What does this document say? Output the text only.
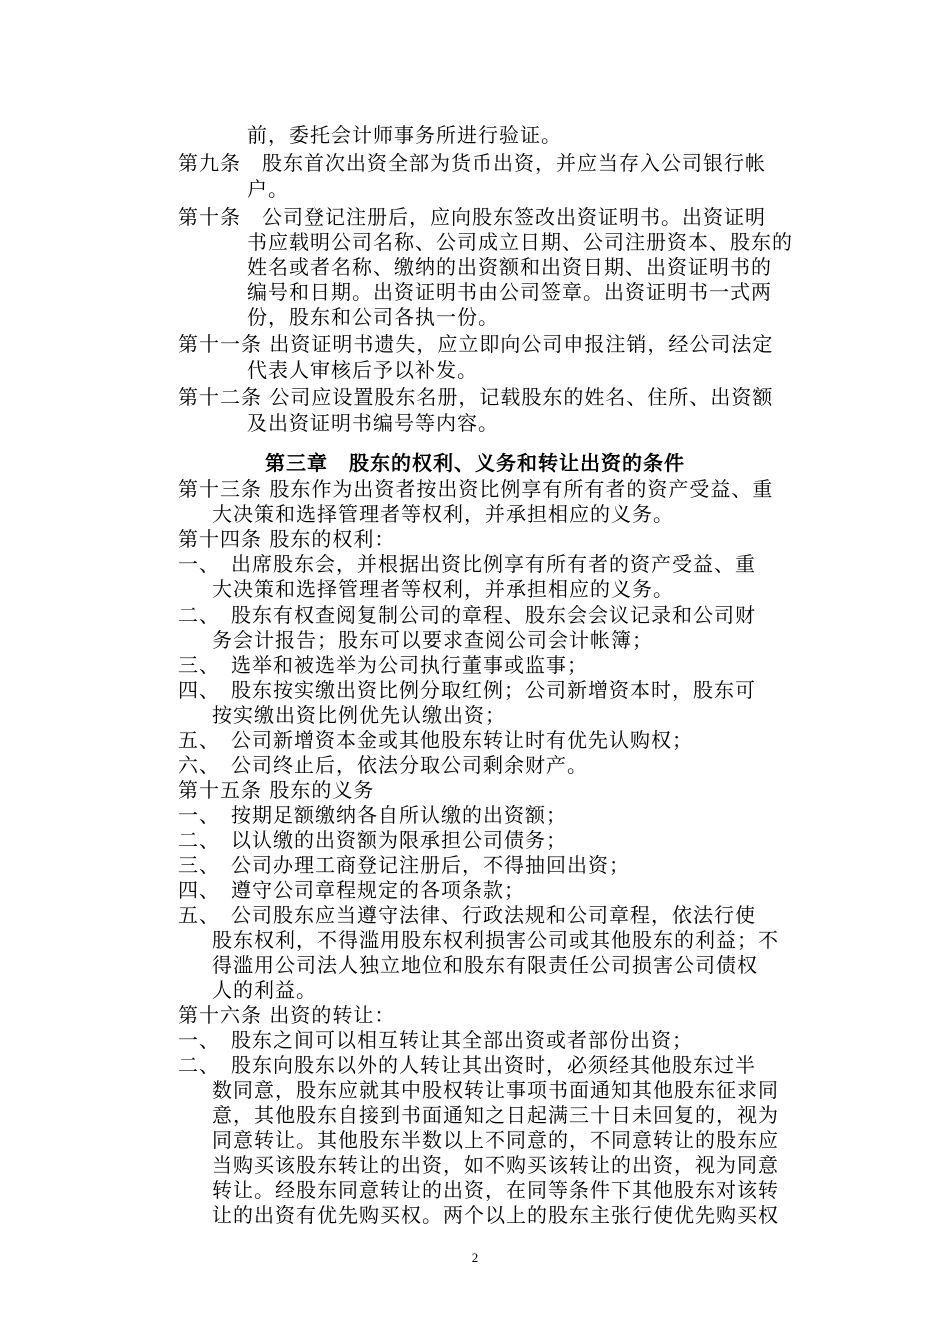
前，委托会计师事务所进行验证。
第九条　股东首次出资全部为货币出资，并应当存入公司银行帐
户。
第十条　公司登记注册后，应向股东签改出资证明书。出资证明
书应载明公司名称、公司成立日期、公司注册资本、股东的
姓名或者名称、缴纳的出资额和出资日期、出资证明书的
编号和日期。出资证明书由公司签章。出资证明书一式两
份，股东和公司各执一份。
第十一条 出资证明书遗失，应立即向公司申报注销，经公司法定
代表人审核后予以补发。
第十二条 公司应设置股东名册，记载股东的姓名、住所、出资额
及出资证明书编号等内容。
第三章　股东的权利、义务和转让出资的条件
第十三条 股东作为出资者按出资比例享有所有者的资产受益、重
大决策和选择管理者等权利，并承担相应的义务。
第十四条 股东的权利：
一、　出席股东会，并根据出资比例享有所有者的资产受益、重
大决策和选择管理者等权利，并承担相应的义务。
二、　股东有权查阅复制公司的章程、股东会会议记录和公司财
务会计报告；股东可以要求查阅公司会计帐簿；
三、　选举和被选举为公司执行董事或监事；
四、　股东按实缴出资比例分取红例；公司新增资本时，股东可
按实缴出资比例优先认缴出资；
五、　公司新增资本金或其他股东转让时有优先认购权；
六、　公司终止后，依法分取公司剩余财产。
第十五条 股东的义务
一、　按期足额缴纳各自所认缴的出资额；
二、　以认缴的出资额为限承担公司债务；
三、　公司办理工商登记注册后，不得抽回出资；
四、　遵守公司章程规定的各项条款；
五、　公司股东应当遵守法律、行政法规和公司章程，依法行使
股东权利，不得滥用股东权利损害公司或其他股东的利益；不
得滥用公司法人独立地位和股东有限责任公司损害公司债权
人的利益。
第十六条 出资的转让：
一、　股东之间可以相互转让其全部出资或者部份出资；
二、　股东向股东以外的人转让其出资时，必须经其他股东过半
数同意，股东应就其中股权转让事项书面通知其他股东征求同
意，其他股东自接到书面通知之日起满三十日未回复的，视为
同意转让。其他股东半数以上不同意的，不同意转让的股东应
当购买该股东转让的出资，如不购买该转让的出资，视为同意
转让。经股东同意转让的出资，在同等条件下其他股东对该转
让的出资有优先购买权。两个以上的股东主张行使优先购买权
2
